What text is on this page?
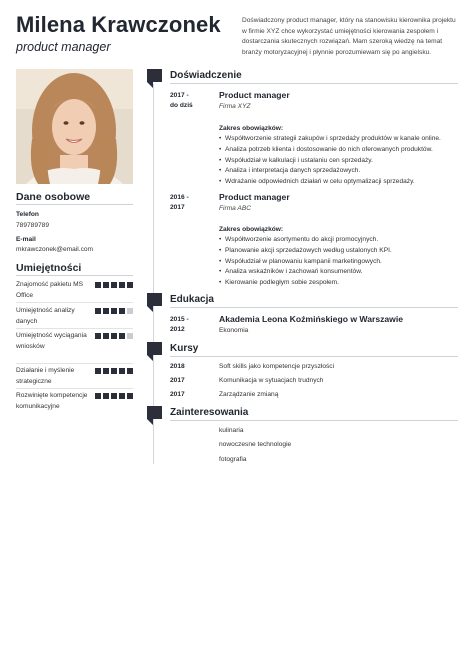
Milena Krawczonek
product manager
Doświadczony product manager, który na stanowisku kierownika projektu w firmie XYZ chce wykorzystać umiejętności kierowania zespołem i dostarczania skutecznych rozwiązań. Mam szeroką wiedzę na temat branży motoryzacyjnej i płynnie porozumiewam się po angielsku.
Dane osobowe
Telefon
789789789
E-mail
mkrawczonek@email.com
Umiejętności
Znajomość pakietu MS Office
Umiejętność analizy danych
Umiejętność wyciągania wniosków
Działanie i myślenie strategiczne
Rozwinięte kompetencje komunikacyjne
Doświadczenie
2017 -
do dziś
Product manager
Firma XYZ
Zakres obowiązków:
• Współtworzenie strategii zakupów i sprzedaży produktów w kanale online.
• Analiza potrzeb klienta i dostosowanie do nich oferowanych produktów.
• Współudział w kalkulacji i ustalaniu cen sprzedaży.
• Analiza i interpretacja danych sprzedażowych.
• Wdrażanie odpowiednich działań w celu optymalizacji sprzedaży.
2016 -
2017
Product manager
Firma ABC
Zakres obowiązków:
• Współtworzenie asortymentu do akcji promocyjnych.
• Planowanie akcji sprzedażowych według ustalonych KPI.
• Współudział w planowaniu kampanii marketingowych.
• Analiza wskaźników i zachowań konsumentów.
• Kierowanie podległym sobie zespołem.
Edukacja
2015 -
2012
Akademia Leona Koźmińskiego w Warszawie
Ekonomia
Kursy
2018	Soft skills jako kompetencje przyszłości
2017	Komunikacja w sytuacjach trudnych
2017	Zarządzanie zmianą
Zainteresowania
kulinaria
nowoczesne technologie
fotografia
